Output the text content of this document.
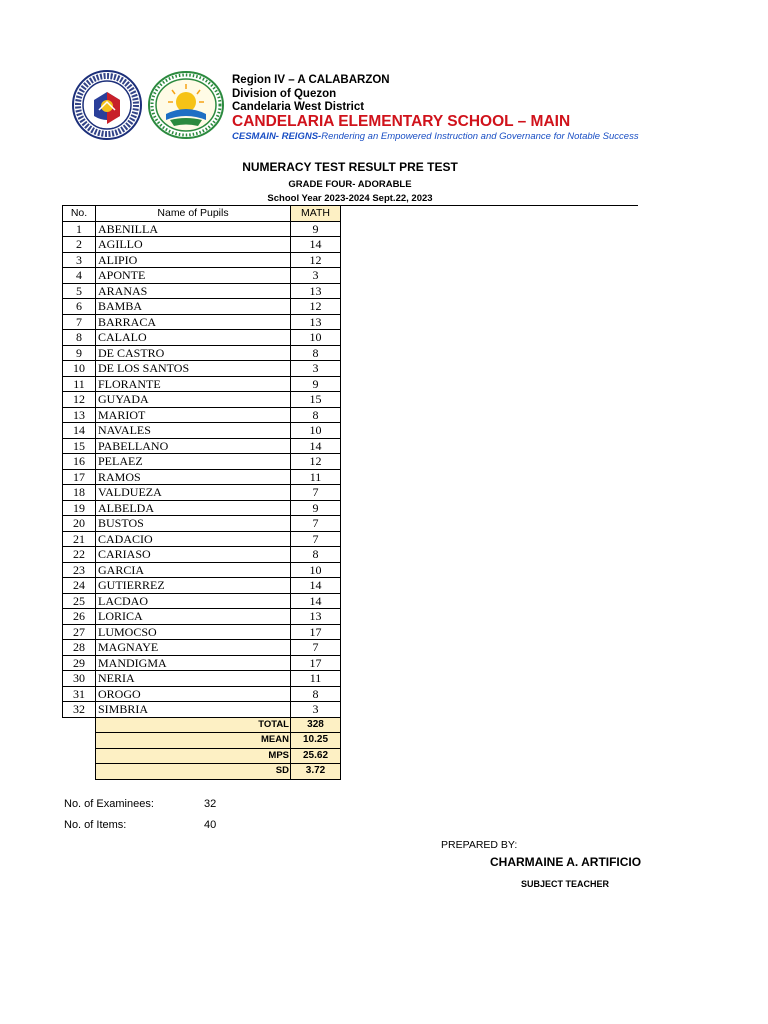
Region IV – A CALABARZON
Division of Quezon
Candelaria West District
CANDELARIA ELEMENTARY SCHOOL – MAIN
CESMAIN- REIGNS-Rendering an Empowered Instruction and Governance for Notable Success
NUMERACY TEST RESULT PRE TEST
GRADE FOUR- ADORABLE
School Year 2023-2024 Sept.22, 2023
No.	Name of Pupils	MATH
1	ABENILLA	9
2	AGILLO	14
3	ALIPIO	12
4	APONTE	3
5	ARANAS	13
6	BAMBA	12
7	BARRACA	13
8	CALALO	10
9	DE CASTRO	8
10	DE LOS SANTOS	3
11	FLORANTE	9
12	GUYADA	15
13	MARIOT	8
14	NAVALES	10
15	PABELLANO	14
16	PELAEZ	12
17	RAMOS	11
18	VALDUEZA	7
19	ALBELDA	9
20	BUSTOS	7
21	CADACIO	7
22	CARIASO	8
23	GARCIA	10
24	GUTIERREZ	14
25	LACDAO	14
26	LORICA	13
27	LUMOCSO	17
28	MAGNAYE	7
29	MANDIGMA	17
30	NERIA	11
31	OROGO	8
32	SIMBRIA	3
	TOTAL	328
	MEAN	10.25
	MPS	25.62
	SD	3.72
No. of Examinees:	32
No. of Items:	40
PREPARED BY:
CHARMAINE A. ARTIFICIO
SUBJECT TEACHER
